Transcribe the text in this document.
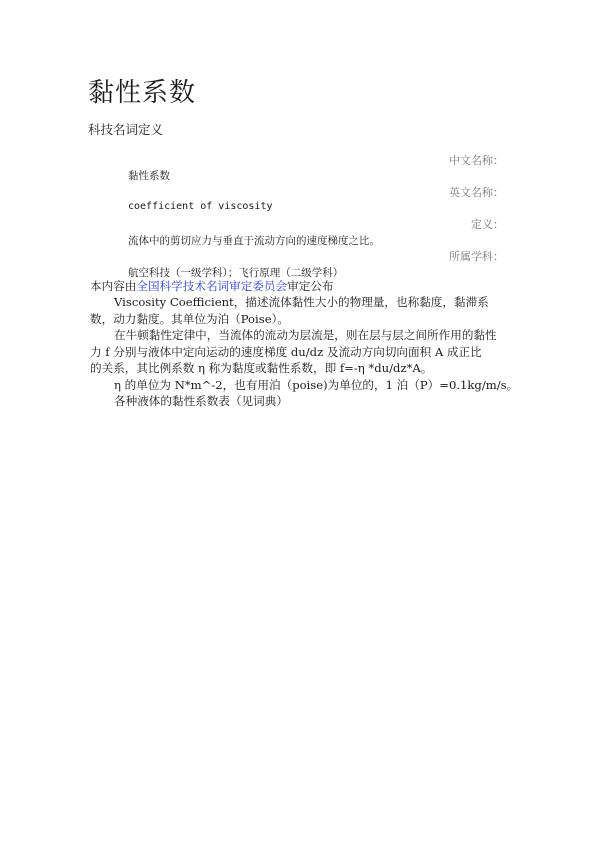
黏性系数
科技名词定义
中文名称：
黏性系数
英文名称：
coefficient of viscosity
定义：
流体中的剪切应力与垂直于流动方向的速度梯度之比。
所属学科：
航空科技（一级学科）；飞行原理（二级学科）

本内容由全国科学技术名词审定委员会审定公布

Viscosity Coefficient，描述流体黏性大小的物理量，也称黏度，黏滞系

数，动力黏度。其单位为泊（Poise）。

在牛顿黏性定律中，当流体的流动为层流是，则在层与层之间所作用的黏性

力 f 分别与液体中定向运动的速度梯度 du/dz 及流动方向切向面积 A 成正比

的关系，其比例系数 η 称为黏度或黏性系数，即 f=-η *du/dz*A。

η 的单位为 N*m^-2，也有用泊（poise)为单位的，1 泊（P）=0.1kg/m/s。

各种液体的黏性系数表（见词典）
